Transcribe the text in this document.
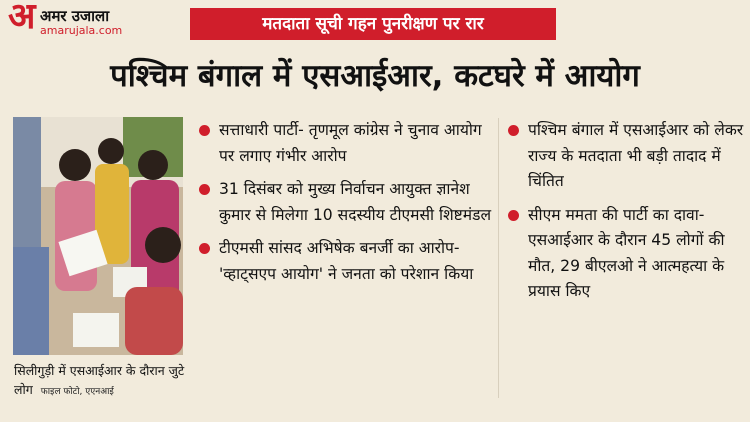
अ अमर उजाला
amarujala.com	मतदाता सूची गहन पुनरीक्षण पर रार
पश्चिम बंगाल में एसआईआर, कटघरे में आयोग
सिलीगुड़ी में एसआईआर के दौरान जुटे लोग फाइल फोटो, एएनआई
सत्ताधारी पार्टी- तृणमूल कांग्रेस ने चुनाव आयोग पर लगाए गंभीर आरोप
31 दिसंबर को मुख्य निर्वाचन आयुक्त ज्ञानेश कुमार से मिलेगा 10 सदस्यीय टीएमसी शिष्टमंडल
टीएमसी सांसद अभिषेक बनर्जी का आरोप- 'व्हाट्सएप आयोग' ने जनता को परेशान किया
पश्चिम बंगाल में एसआईआर को लेकर राज्य के मतदाता भी बड़ी तादाद में चिंतित
सीएम ममता की पार्टी का दावा- एसआईआर के दौरान 45 लोगों की मौत, 29 बीएलओ ने आत्महत्या के प्रयास किए
